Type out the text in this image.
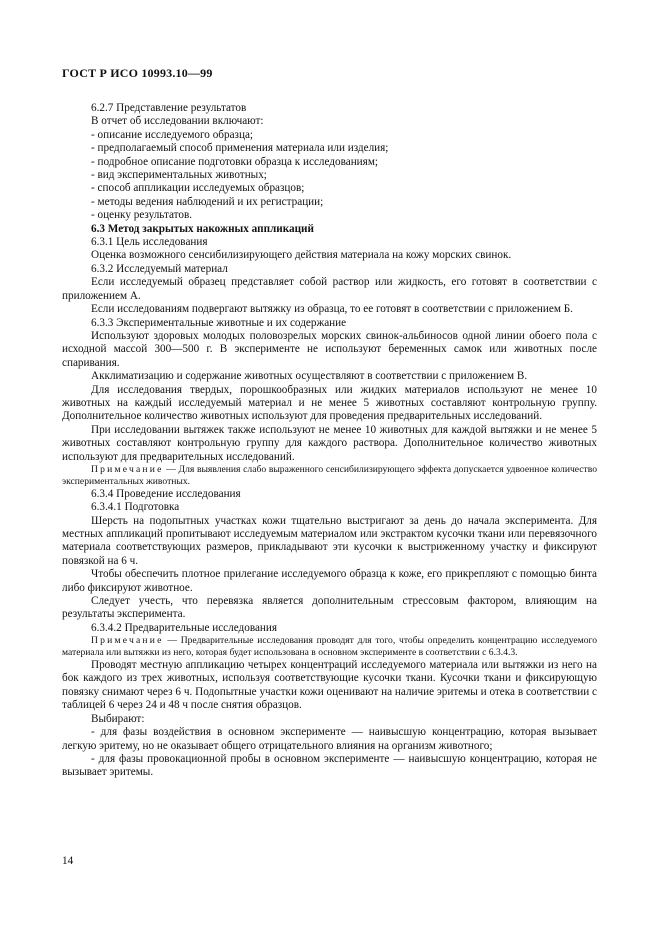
ГОСТ Р ИСО 10993.10—99

6.2.7 Представление результатов

В отчет об исследовании включают:

- описание исследуемого образца;

- предполагаемый способ применения материала или изделия;

- подробное описание подготовки образца к исследованиям;

- вид экспериментальных животных;

- способ аппликации исследуемых образцов;

- методы ведения наблюдений и их регистрации;

- оценку результатов.

6.3 Метод закрытых накожных аппликаций

6.3.1 Цель исследования

Оценка возможного сенсибилизирующего действия материала на кожу морских свинок.

6.3.2 Исследуемый материал

Если исследуемый образец представляет собой раствор или жидкость, его готовят в соответствии с приложением А.

Если исследованиям подвергают вытяжку из образца, то ее готовят в соответствии с приложением Б.

6.3.3 Экспериментальные животные и их содержание

Используют здоровых молодых половозрелых морских свинок-альбиносов одной линии обоего пола с исходной массой 300—500 г. В эксперименте не используют беременных самок или животных после спаривания.

Акклиматизацию и содержание животных осуществляют в соответствии с приложением В.

Для исследования твердых, порошкообразных или жидких материалов используют не менее 10 животных на каждый исследуемый материал и не менее 5 животных составляют контрольную группу. Дополнительное количество животных используют для проведения предварительных исследований.

При исследовании вытяжек также используют не менее 10 животных для каждой вытяжки и не менее 5 животных составляют контрольную группу для каждого раствора. Дополнительное количество животных используют для предварительных исследований.

Примечание — Для выявления слабо выраженного сенсибилизирующего эффекта допускается удвоенное количество экспериментальных животных.

6.3.4 Проведение исследования

6.3.4.1 Подготовка

Шерсть на подопытных участках кожи тщательно выстригают за день до начала эксперимента. Для местных аппликаций пропитывают исследуемым материалом или экстрактом кусочки ткани или перевязочного материала соответствующих размеров, прикладывают эти кусочки к выстриженному участку и фиксируют повязкой на 6 ч.

Чтобы обеспечить плотное прилегание исследуемого образца к коже, его прикрепляют с помощью бинта либо фиксируют животное.

Следует учесть, что перевязка является дополнительным стрессовым фактором, влияющим на результаты эксперимента.

6.3.4.2 Предварительные исследования

Примечание — Предварительные исследования проводят для того, чтобы определить концентрацию исследуемого материала или вытяжки из него, которая будет использована в основном эксперименте в соответствии с 6.3.4.3.

Проводят местную аппликацию четырех концентраций исследуемого материала или вытяжки из него на бок каждого из трех животных, используя соответствующие кусочки ткани. Кусочки ткани и фиксирующую повязку снимают через 6 ч. Подопытные участки кожи оценивают на наличие эритемы и отека в соответствии с таблицей 6 через 24 и 48 ч после снятия образцов.

Выбирают:

- для фазы воздействия в основном эксперименте — наивысшую концентрацию, которая вызывает легкую эритему, но не оказывает общего отрицательного влияния на организм животного;

- для фазы провокационной пробы в основном эксперименте — наивысшую концентрацию, которая не вызывает эритемы.

14
